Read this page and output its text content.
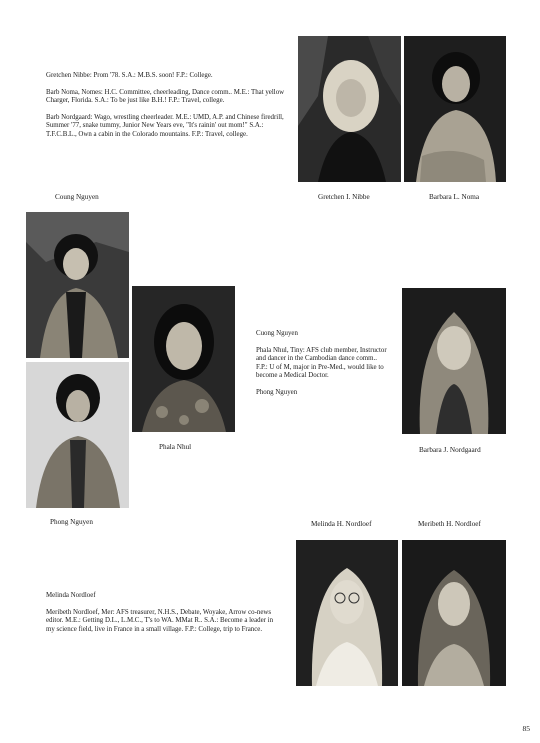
Gretchen Nibbe: Prom '78. S.A.: M.B.S. soon! F.P.: College.

Barb Noma, Nomes: H.C. Committee, cheerleading, Dance comm.. M.E.: That yellow Charger, Florida. S.A.: To be just like B.H.! F.P.: Travel, college.

Barb Nordgaard: Wago, wrestling cheerleader. M.E.: UMD, A.P. and Chinese firedrill, Summer '77, snake tummy, Junior New Years eve, "It's rainin' out mom!" S.A.: T.F.C.B.L., Own a cabin in the Colorado mountains. F.P.: Travel, college.

Gretchen I. Nibbe	Barbara L. Noma
Coung Nguyen
Phala Nhul
Phong Nguyen

Cuong Nguyen

Phala Nhul, Tiny: AFS club member, Instructor and dancer in the Cambodian dance comm.. F.P.: U of M, major in Pre-Med., would like to become a Medical Doctor.

Phong Nguyen

Barbara J. Nordgaard
Melinda H. Nordloef	Meribeth H. Nordloef

Melinda Nordloef

Meribeth Nordloef, Mer: AFS treasurer, N.H.S., Debate, Woyake, Arrow co-news editor. M.E.: Getting D.L., L.M.C., T's to WA. MMat R.. S.A.: Become a leader in my science field, live in France in a small village. F.P.: College, trip to France.

85
